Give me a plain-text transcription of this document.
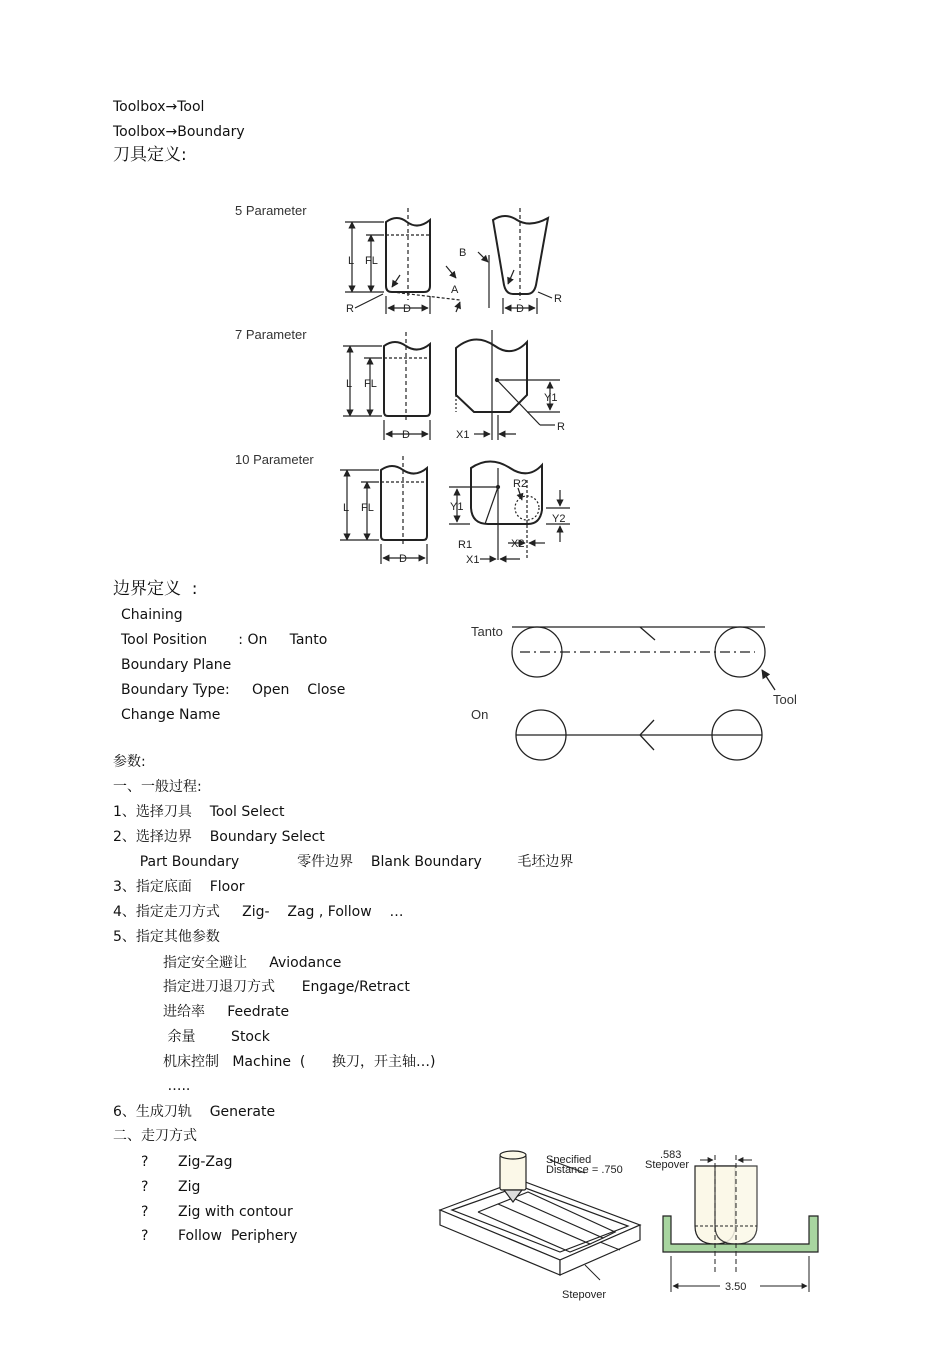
Toolbox→Tool
Toolbox→Boundary
刀具定义:
5 Parameter
7 Parameter
10 Parameter
L FL
D
R
A
B
D
R
L FL
D
Y1
R
X1
L FL
D
Y1
R2
Y2
R1	X2
X1
边界定义  :
Chaining
Tool Position       : On     Tanto
Boundary Plane
Boundary Type:     Open    Close
Change Name
Tanto
On
Tool
参数:
一、一般过程:
1、选择刀具    Tool Select
2、选择边界    Boundary Select
Part Boundary             零件边界    Blank Boundary        毛坯边界
3、指定底面    Floor
4、指定走刀方式     Zig-    Zag , Follow    …
5、指定其他参数
指定安全避让     Aviodance
指定进刀退刀方式      Engage/Retract
进给率     Feedrate
余量        Stock
机床控制   Machine  (      换刀，开主轴…)
…..
6、生成刀轨    Generate
二、走刀方式
? Zig-Zag
? Zig
? Zig with contour
? Follow  Periphery
Specified
Distance = .750
Stepover
.583
Stepover
3.50
